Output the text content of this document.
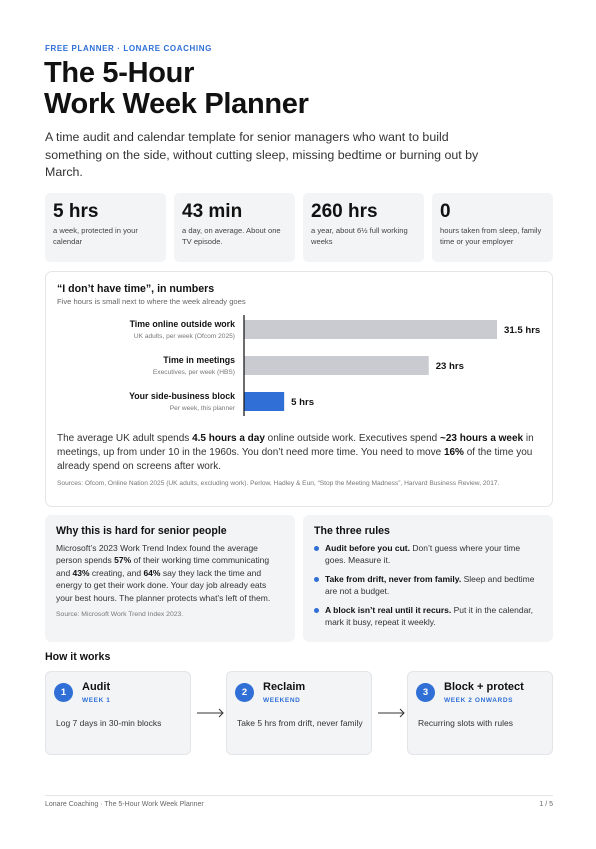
FREE PLANNER · LONARE COACHING
The 5-Hour
Work Week Planner

A time audit and calendar template for senior managers who want to build something on the side, without cutting sleep, missing bedtime or burning out by March.

5 hrs
a week, protected in your calendar
43 min
a day, on average. About one TV episode.
260 hrs
a year, about 6½ full working weeks
0
hours taken from sleep, family time or your employer
“I don’t have time”, in numbers
Five hours is small next to where the week already goes
Time online outside work
UK adults, per week (Ofcom 2025)
31.5 hrs
Time in meetings
Executives, per week (HBS)
23 hrs
Your side-business block
Per week, this planner
5 hrs

The average UK adult spends 4.5 hours a day online outside work. Executives spend ~23 hours a week in meetings, up from under 10 in the 1960s. You don’t need more time. You need to move 16% of the time you already spend on screens after work.

Sources: Ofcom, Online Nation 2025 (UK adults, excluding work). Perlow, Hadley & Eun, “Stop the Meeting Madness”, Harvard Business Review, 2017.

Why this is hard for senior people

Microsoft’s 2023 Work Trend Index found the average person spends 57% of their working time communicating and 43% creating, and 64% say they lack the time and energy to get their work done. Your day job already eats your best hours. The planner protects what’s left of them.

Source: Microsoft Work Trend Index 2023.
The three rules
Audit before you cut. Don’t guess where your time goes. Measure it.
Take from drift, never from family. Sleep and bedtime are not a budget.
A block isn’t real until it recurs. Put it in the calendar, mark it busy, repeat it weekly.
How it works
1	Audit
WEEK 1
Log 7 days in 30-min blocks
2	Reclaim
WEEKEND
Take 5 hrs from drift, never family
3	Block + protect
WEEK 2 ONWARDS
Recurring slots with rules
Lonare Coaching · The 5-Hour Work Week Planner	1 / 5
